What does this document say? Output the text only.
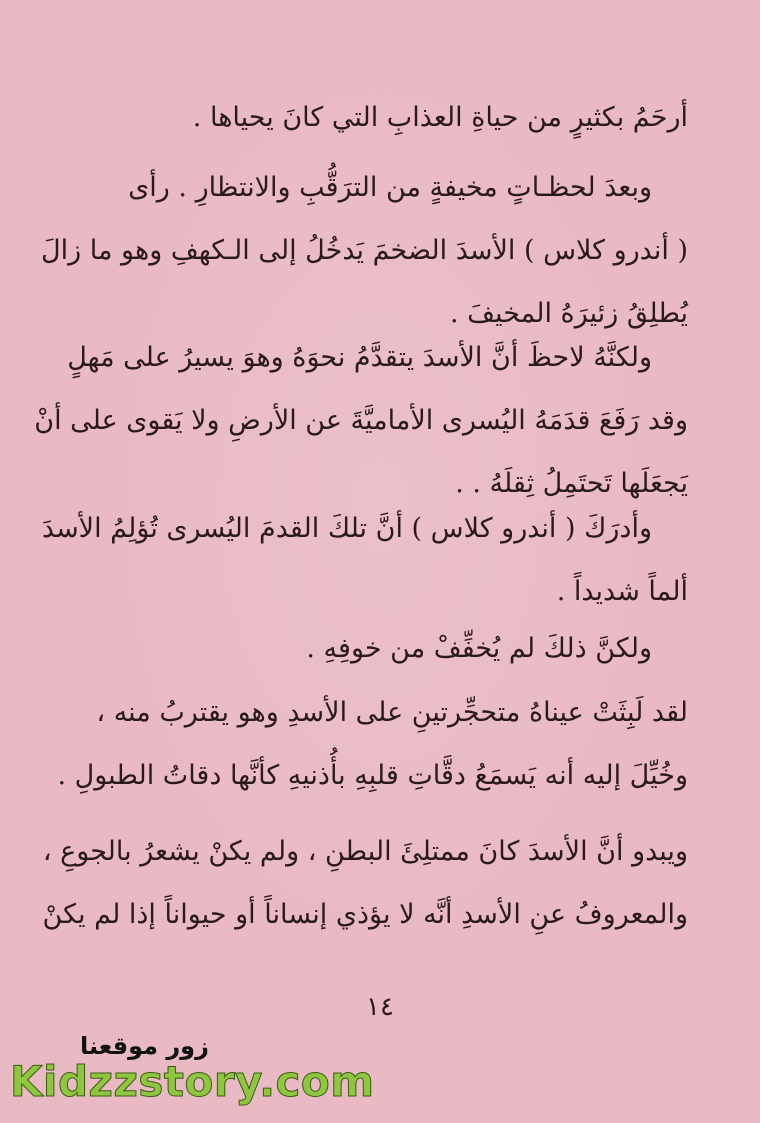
أرحَمُ بكثيرٍ من حياةِ العذابِ التي كانَ يحياها .
وبعدَ لحظـاتٍ مخيفةٍ من الترَقُّبِ والانتظارِ . رأى
( أندرو كلاس ) الأسدَ الضخمَ يَدخُلُ إلى الـكهفِ وهو ما زالَ
يُطلِقُ زئيرَهُ المخيفَ .
ولكنَّهُ لاحظَ أنَّ الأسدَ يتقدَّمُ نحوَهُ وهوَ يسيرُ على مَهلٍ
وقد رَفَعَ قدَمَهُ اليُسرى الأماميَّةَ عن الأرضِ ولا يَقوى على أنْ
يَجعَلَها تَحتَمِلُ ثِقلَهُ . .
وأدرَكَ ( أندرو كلاس ) أنَّ تلكَ القدمَ اليُسرى تُؤلِمُ الأسدَ
ألماً شديداً .
ولكنَّ ذلكَ لم يُخفِّفْ من خوفِهِ .
لقد لَبِثَتْ عيناهُ متحجِّرتينِ على الأسدِ وهو يقتربُ منه ،
وخُيِّلَ إليه أنه يَسمَعُ دقَّاتِ قلبِهِ بأُذنيهِ كأنَّها دقاتُ الطبولِ .
ويبدو أنَّ الأسدَ كانَ ممتلِئَ البطنِ ، ولم يكنْ يشعرُ بالجوعِ ،
والمعروفُ عنِ الأسدِ أنَّه لا يؤذي إنساناً أو حيواناً إذا لم يكنْ
١٤
زور موقعنا
Kidzzstory.com
